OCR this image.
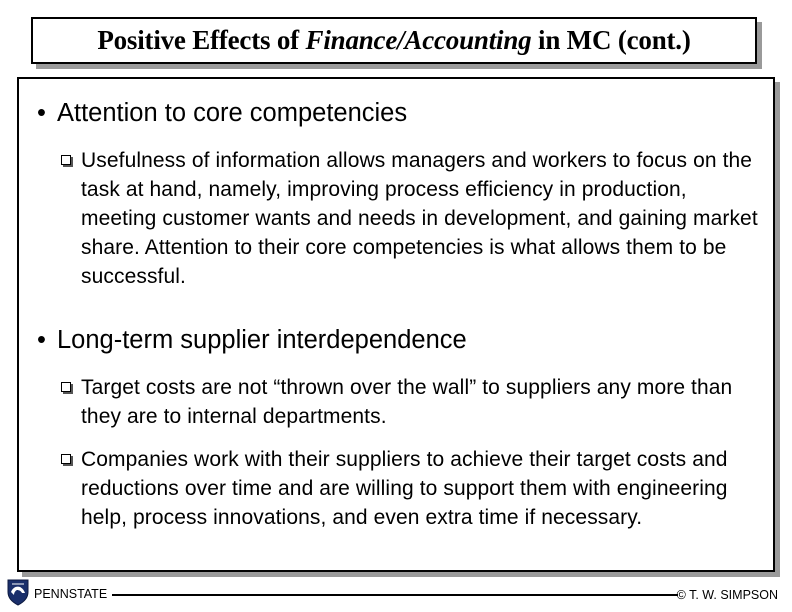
Positive Effects of Finance/Accounting in MC (cont.)
• Attention to core competencies
Usefulness of information allows managers and workers to focus on the task at hand, namely, improving process efficiency in production, meeting customer wants and needs in development, and gaining market share. Attention to their core competencies is what allows them to be successful.
• Long-term supplier interdependence
Target costs are not “thrown over the wall” to suppliers any more than they are to internal departments.
Companies work with their suppliers to achieve their target costs and reductions over time and are willing to support them with engineering help, process innovations, and even extra time if necessary.
PENNSTATE	© T. W. SIMPSON
